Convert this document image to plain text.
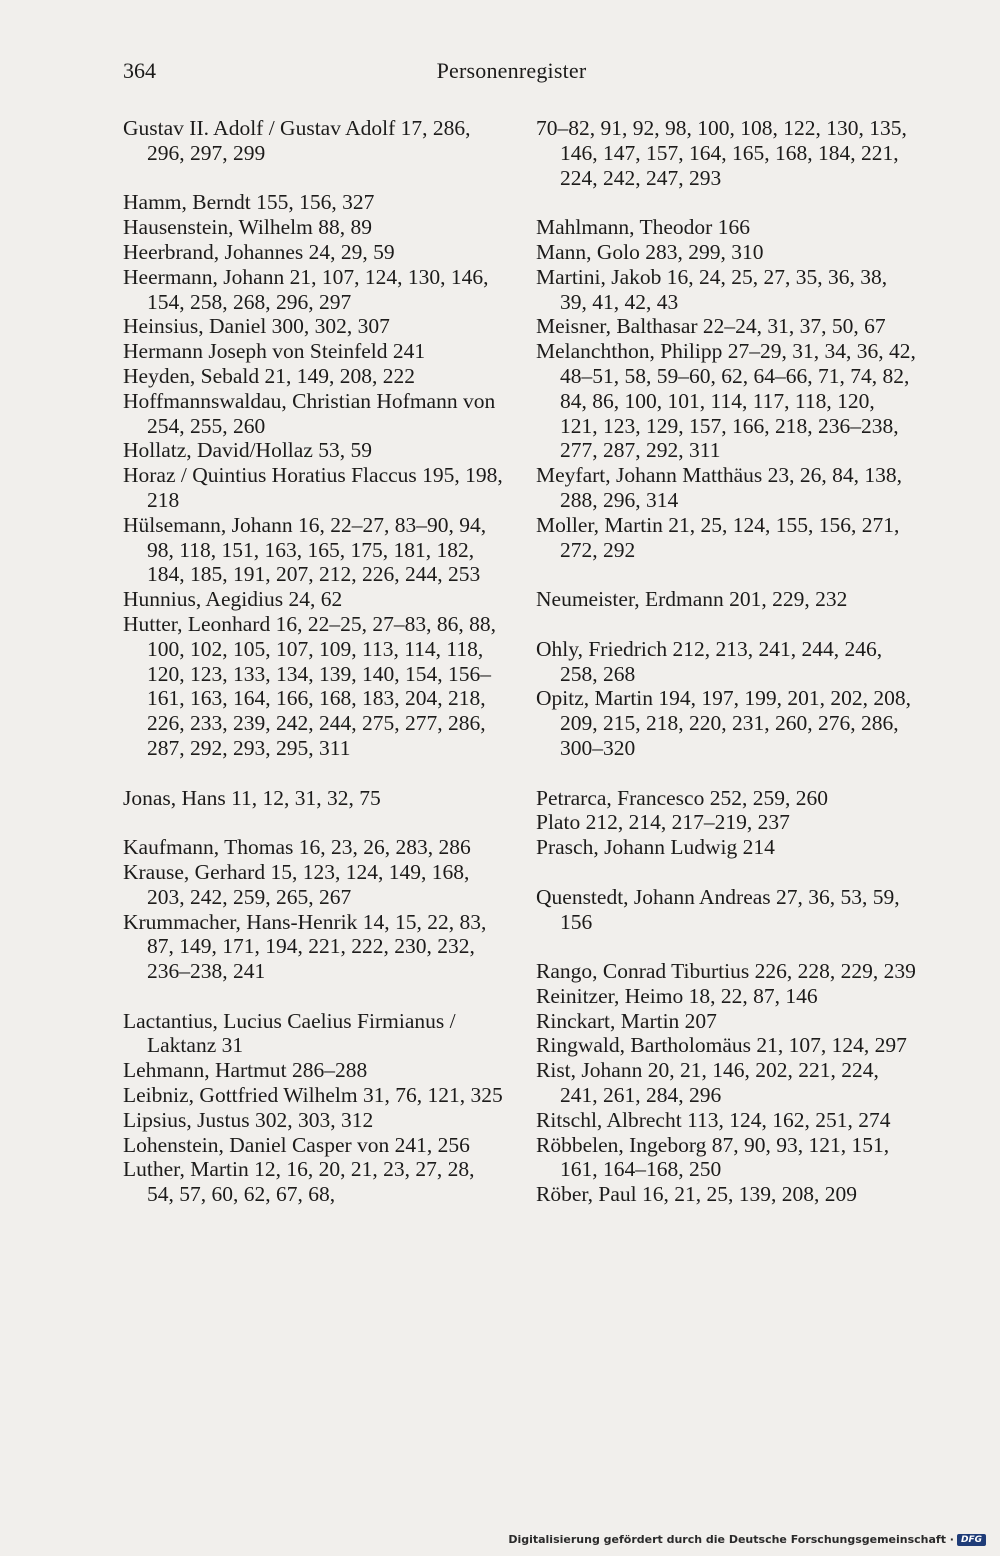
364	Personenregister

Gustav II. Adolf / Gustav Adolf 17, 286, 296, 297, 299

Hamm, Berndt 155, 156, 327

Hausenstein, Wilhelm 88, 89

Heerbrand, Johannes 24, 29, 59

Heermann, Johann 21, 107, 124, 130, 146, 154, 258, 268, 296, 297

Heinsius, Daniel 300, 302, 307

Hermann Joseph von Steinfeld 241

Heyden, Sebald 21, 149, 208, 222

Hoffmannswaldau, Christian Hofmann von 254, 255, 260

Hollatz, David/Hollaz 53, 59

Horaz / Quintius Horatius Flaccus 195, 198, 218

Hülsemann, Johann 16, 22–27, 83–90, 94, 98, 118, 151, 163, 165, 175, 181, 182, 184, 185, 191, 207, 212, 226, 244, 253

Hunnius, Aegidius 24, 62

Hutter, Leonhard 16, 22–25, 27–83, 86, 88, 100, 102, 105, 107, 109, 113, 114, 118, 120, 123, 133, 134, 139, 140, 154, 156–161, 163, 164, 166, 168, 183, 204, 218, 226, 233, 239, 242, 244, 275, 277, 286, 287, 292, 293, 295, 311

Jonas, Hans 11, 12, 31, 32, 75

Kaufmann, Thomas 16, 23, 26, 283, 286

Krause, Gerhard 15, 123, 124, 149, 168, 203, 242, 259, 265, 267

Krummacher, Hans-Henrik 14, 15, 22, 83, 87, 149, 171, 194, 221, 222, 230, 232, 236–238, 241

Lactantius, Lucius Caelius Firmianus / Laktanz 31

Lehmann, Hartmut 286–288

Leibniz, Gottfried Wilhelm 31, 76, 121, 325

Lipsius, Justus 302, 303, 312

Lohenstein, Daniel Casper von 241, 256

Luther, Martin 12, 16, 20, 21, 23, 27, 28, 54, 57, 60, 62, 67, 68,

70–82, 91, 92, 98, 100, 108, 122, 130, 135, 146, 147, 157, 164, 165, 168, 184, 221, 224, 242, 247, 293

Mahlmann, Theodor 166

Mann, Golo 283, 299, 310

Martini, Jakob 16, 24, 25, 27, 35, 36, 38, 39, 41, 42, 43

Meisner, Balthasar 22–24, 31, 37, 50, 67

Melanchthon, Philipp 27–29, 31, 34, 36, 42, 48–51, 58, 59–60, 62, 64–66, 71, 74, 82, 84, 86, 100, 101, 114, 117, 118, 120, 121, 123, 129, 157, 166, 218, 236–238, 277, 287, 292, 311

Meyfart, Johann Matthäus 23, 26, 84, 138, 288, 296, 314

Moller, Martin 21, 25, 124, 155, 156, 271, 272, 292

Neumeister, Erdmann 201, 229, 232

Ohly, Friedrich 212, 213, 241, 244, 246, 258, 268

Opitz, Martin 194, 197, 199, 201, 202, 208, 209, 215, 218, 220, 231, 260, 276, 286, 300–320

Petrarca, Francesco 252, 259, 260

Plato 212, 214, 217–219, 237

Prasch, Johann Ludwig 214

Quenstedt, Johann Andreas 27, 36, 53, 59, 156

Rango, Conrad Tiburtius 226, 228, 229, 239

Reinitzer, Heimo 18, 22, 87, 146

Rinckart, Martin 207

Ringwald, Bartholomäus 21, 107, 124, 297

Rist, Johann 20, 21, 146, 202, 221, 224, 241, 261, 284, 296

Ritschl, Albrecht 113, 124, 162, 251, 274

Röbbelen, Ingeborg 87, 90, 93, 121, 151, 161, 164–168, 250

Röber, Paul 16, 21, 25, 139, 208, 209

Digitalisierung gefördert durch die Deutsche Forschungsgemeinschaft · DFG
